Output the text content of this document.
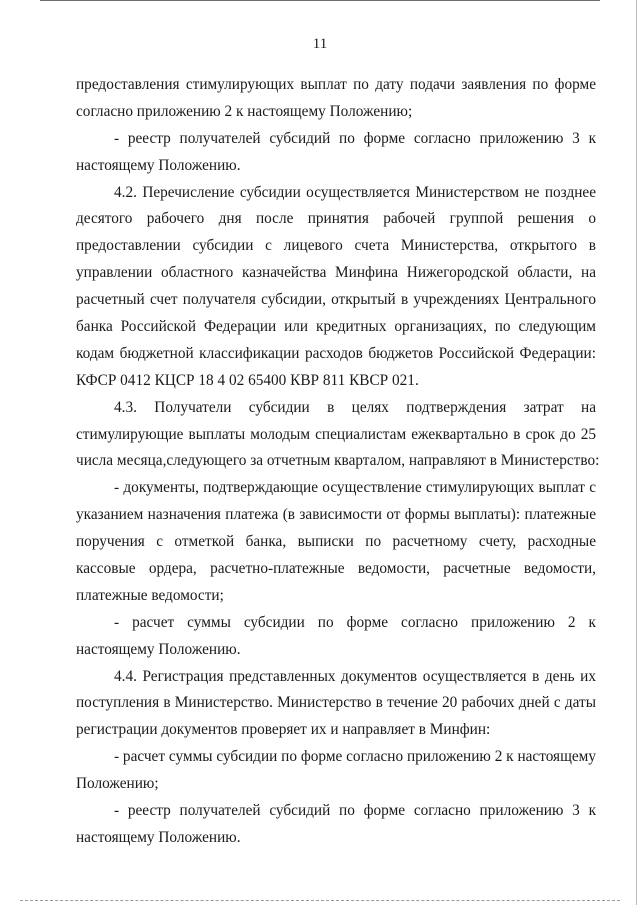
11
предоставления стимулирующих выплат по дату подачи заявления по форме
согласно приложению 2 к настоящему Положению;
- реестр получателей субсидий по форме согласно приложению 3 к
настоящему Положению.
4.2. Перечисление субсидии осуществляется Министерством не позднее
десятого рабочего дня после принятия рабочей группой решения о
предоставлении субсидии с лицевого счета Министерства, открытого в
управлении областного казначейства Минфина Нижегородской области, на
расчетный счет получателя субсидии, открытый в учреждениях Центрального
банка Российской Федерации или кредитных организациях, по следующим
кодам бюджетной классификации расходов бюджетов Российской Федерации:
КФСР 0412 КЦСР 18 4 02 65400 КВР 811 КВСР 021.
4.3. Получатели субсидии в целях подтверждения затрат на
стимулирующие выплаты молодым специалистам ежеквартально в срок до 25
числа месяца,следующего за отчетным кварталом, направляют в Министерство:
- документы, подтверждающие осуществление стимулирующих выплат с
указанием назначения платежа (в зависимости от формы выплаты): платежные
поручения с отметкой банка, выписки по расчетному счету, расходные
кассовые ордера, расчетно-платежные ведомости, расчетные ведомости,
платежные ведомости;
- расчет суммы субсидии по форме согласно приложению 2 к
настоящему Положению.
4.4. Регистрация представленных документов осуществляется в день их
поступления в Министерство. Министерство в течение 20 рабочих дней с даты
регистрации документов проверяет их и направляет в Минфин:
- расчет суммы субсидии по форме согласно приложению 2 к настоящему
Положению;
- реестр получателей субсидий по форме согласно приложению 3 к
настоящему Положению.
